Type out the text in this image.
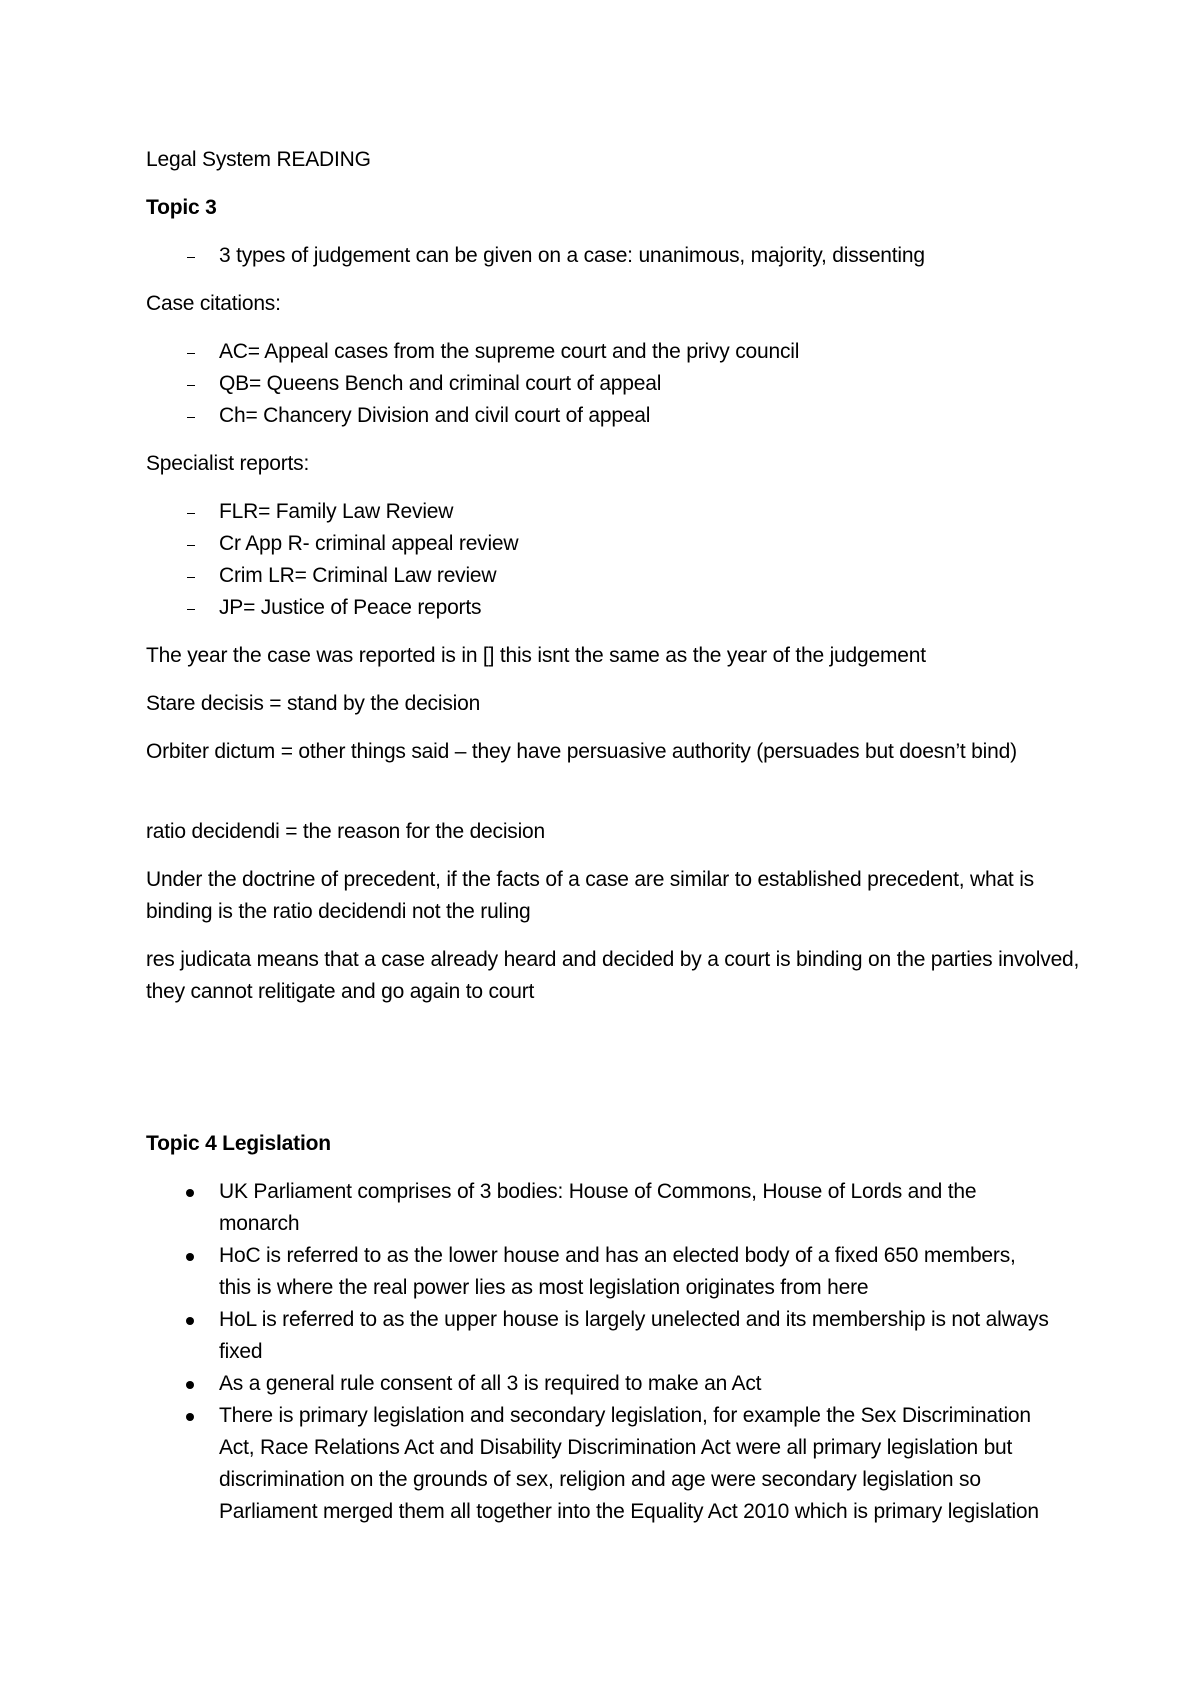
Legal System READING
Topic 3
3 types of judgement can be given on a case: unanimous, majority, dissenting
Case citations:
AC= Appeal cases from the supreme court and the privy council
QB= Queens Bench and criminal court of appeal
Ch= Chancery Division and civil court of appeal
Specialist reports:
FLR= Family Law Review
Cr App R- criminal appeal review
Crim LR= Criminal Law review
JP= Justice of Peace reports
The year the case was reported is in [] this isnt the same as the year of the judgement
Stare decisis = stand by the decision
Orbiter dictum = other things said – they have persuasive authority (persuades but doesn’t bind)
ratio decidendi = the reason for the decision
Under the doctrine of precedent, if the facts of a case are similar to established precedent, what is binding is the ratio decidendi not the ruling
res judicata means that a case already heard and decided by a court is binding on the parties involved, they cannot relitigate and go again to court
Topic 4 Legislation
UK Parliament comprises of 3 bodies: House of Commons, House of Lords and the monarch
HoC is referred to as the lower house and has an elected body of a fixed 650 members, this is where the real power lies as most legislation originates from here
HoL is referred to as the upper house is largely unelected and its membership is not always fixed
As a general rule consent of all 3 is required to make an Act
There is primary legislation and secondary legislation, for example the Sex Discrimination Act, Race Relations Act and Disability Discrimination Act were all primary legislation but discrimination on the grounds of sex, religion and age were secondary legislation so Parliament merged them all together into the Equality Act 2010 which is primary legislation
